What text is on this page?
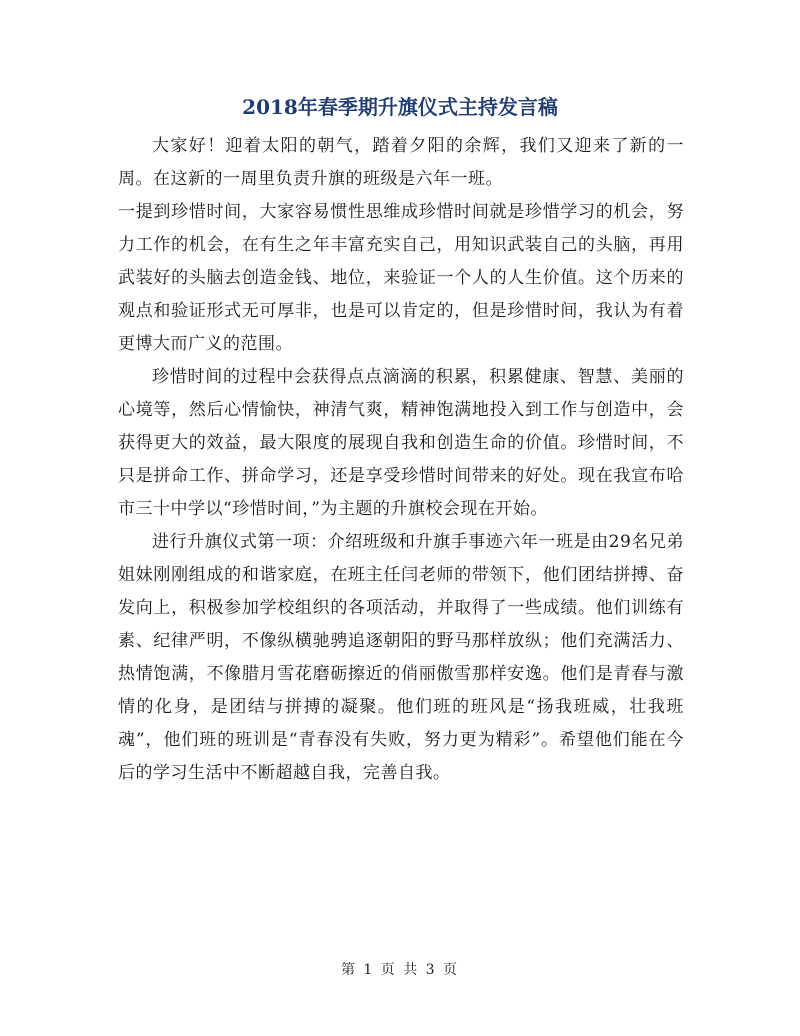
2018年春季期升旗仪式主持发言稿

大家好！迎着太阳的朝气，踏着夕阳的余辉，我们又迎来了新的一周。在这新的一周里负责升旗的班级是六年一班。

一提到珍惜时间，大家容易惯性思维成珍惜时间就是珍惜学习的机会，努力工作的机会，在有生之年丰富充实自己，用知识武装自己的头脑，再用武装好的头脑去创造金钱、地位，来验证一个人的人生价值。这个历来的观点和验证形式无可厚非，也是可以肯定的，但是珍惜时间，我认为有着更博大而广义的范围。

珍惜时间的过程中会获得点点滴滴的积累，积累健康、智慧、美丽的心境等，然后心情愉快，神清气爽，精神饱满地投入到工作与创造中，会获得更大的效益，最大限度的展现自我和创造生命的价值。珍惜时间，不只是拼命工作、拼命学习，还是享受珍惜时间带来的好处。现在我宣布哈市三十中学以“珍惜时间，”为主题的升旗校会现在开始。

进行升旗仪式第一项：介绍班级和升旗手事迹六年一班是由29名兄弟姐妹刚刚组成的和谐家庭，在班主任闫老师的带领下，他们团结拼搏、奋发向上，积极参加学校组织的各项活动，并取得了一些成绩。他们训练有素、纪律严明，不像纵横驰骋追逐朝阳的野马那样放纵；他们充满活力、热情饱满，不像腊月雪花磨砺擦近的俏丽傲雪那样安逸。他们是青春与激情的化身，是团结与拼搏的凝聚。他们班的班风是“扬我班威，壮我班魂”，他们班的班训是“青春没有失败，努力更为精彩”。希望他们能在今后的学习生活中不断超越自我，完善自我。

第 1 页 共 3 页
